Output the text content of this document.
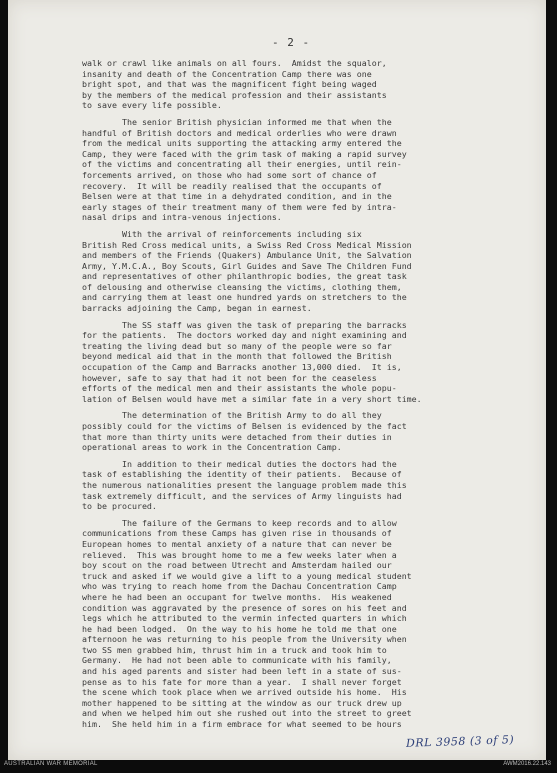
- 2 -
walk or crawl like animals on all fours.  Amidst the squalor,
insanity and death of the Concentration Camp there was one
bright spot, and that was the magnificent fight being waged
by the members of the medical profession and their assistants
to save every life possible.
The senior British physician informed me that when the
handful of British doctors and medical orderlies who were drawn
from the medical units supporting the attacking army entered the
Camp, they were faced with the grim task of making a rapid survey
of the victims and concentrating all their energies, until rein-
forcements arrived, on those who had some sort of chance of
recovery.  It will be readily realised that the occupants of
Belsen were at that time in a dehydrated condition, and in the
early stages of their treatment many of them were fed by intra-
nasal drips and intra-venous injections.
With the arrival of reinforcements including six
British Red Cross medical units, a Swiss Red Cross Medical Mission
and members of the Friends (Quakers) Ambulance Unit, the Salvation
Army, Y.M.C.A., Boy Scouts, Girl Guides and Save The Children Fund
and representatives of other philanthropic bodies, the great task
of delousing and otherwise cleansing the victims, clothing them,
and carrying them at least one hundred yards on stretchers to the
barracks adjoining the Camp, began in earnest.
The SS staff was given the task of preparing the barracks
for the patients.  The doctors worked day and night examining and
treating the living dead but so many of the people were so far
beyond medical aid that in the month that followed the British
occupation of the Camp and Barracks another 13,000 died.  It is,
however, safe to say that had it not been for the ceaseless
efforts of the medical men and their assistants the whole popu-
lation of Belsen would have met a similar fate in a very short time.
The determination of the British Army to do all they
possibly could for the victims of Belsen is evidenced by the fact
that more than thirty units were detached from their duties in
operational areas to work in the Concentration Camp.
In addition to their medical duties the doctors had the
task of establishing the identity of their patients.  Because of
the numerous nationalities present the language problem made this
task extremely difficult, and the services of Army linguists had
to be procured.
The failure of the Germans to keep records and to allow
communications from these Camps has given rise in thousands of
European homes to mental anxiety of a nature that can never be
relieved.  This was brought home to me a few weeks later when a
boy scout on the road between Utrecht and Amsterdam hailed our
truck and asked if we would give a lift to a young medical student
who was trying to reach home from the Dachau Concentration Camp
where he had been an occupant for twelve months.  His weakened
condition was aggravated by the presence of sores on his feet and
legs which he attributed to the vermin infected quarters in which
he had been lodged.  On the way to his home he told me that one
afternoon he was returning to his people from the University when
two SS men grabbed him, thrust him in a truck and took him to
Germany.  He had not been able to communicate with his family,
and his aged parents and sister had been left in a state of sus-
pense as to his fate for more than a year.  I shall never forget
the scene which took place when we arrived outside his home.  His
mother happened to be sitting at the window as our truck drew up
and when we helped him out she rushed out into the street to greet
him.  She held him in a firm embrace for what seemed to be hours
DRL 3958 (3 of 5)
AUSTRALIAN WAR MEMORIAL	AWM2016.22.143
